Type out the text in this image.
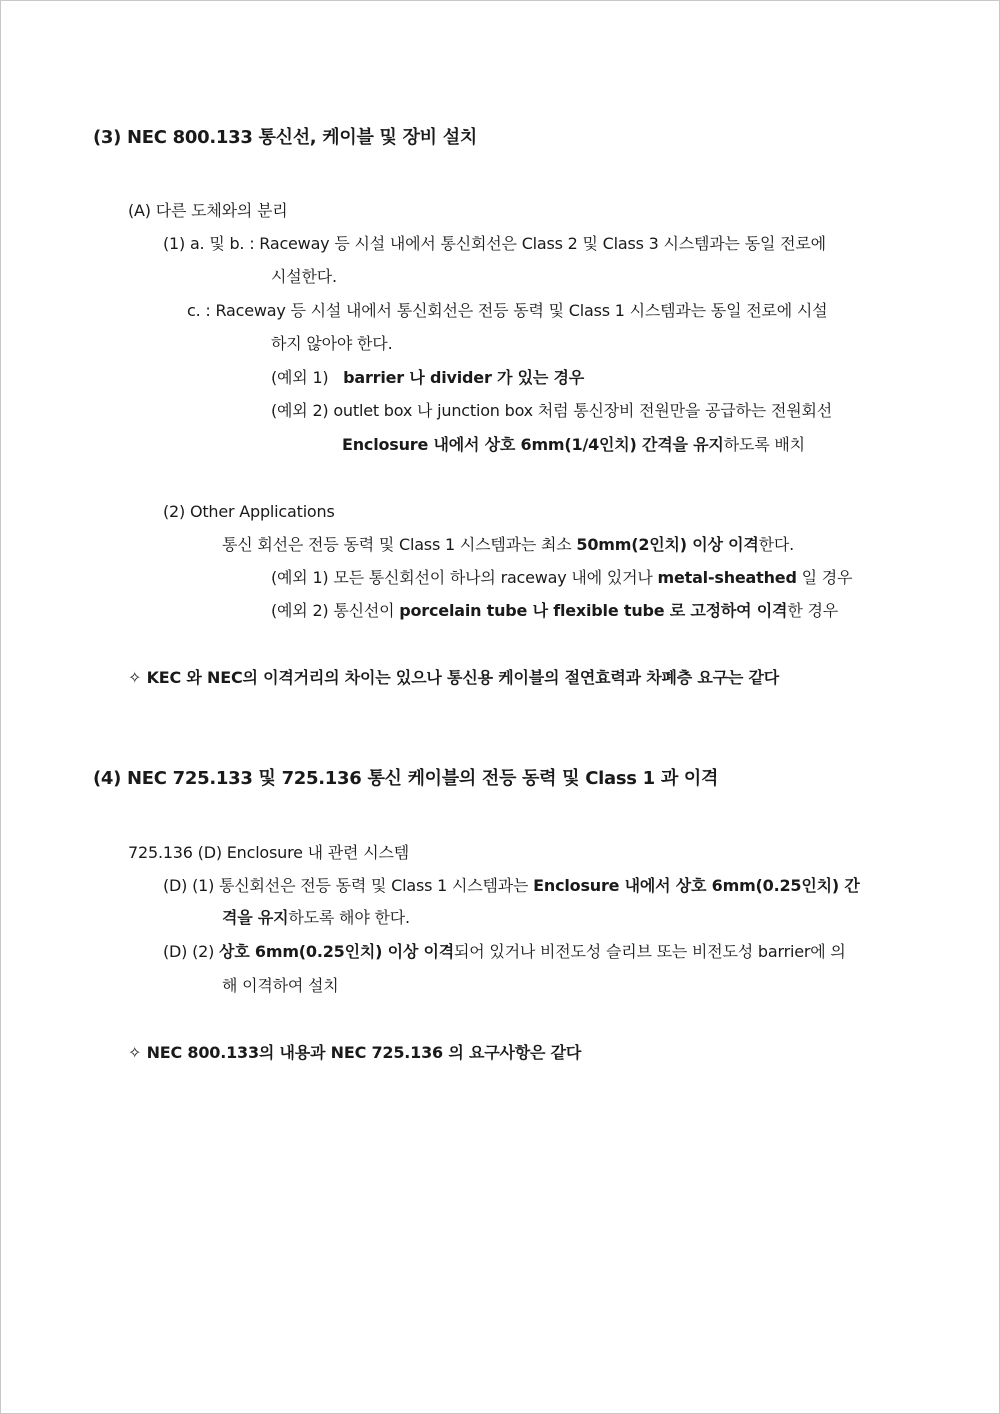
(3) NEC 800.133 통신선, 케이블 및 장비 설치
(A) 다른 도체와의 분리
(1) a. 및 b. : Raceway 등 시설 내에서 통신회선은 Class 2 및 Class 3 시스템과는 동일 전로에
시설한다.
c. : Raceway 등 시설 내에서 통신회선은 전등 동력 및 Class 1 시스템과는 동일 전로에 시설
하지 않아야 한다.
(예외 1) barrier 나 divider 가 있는 경우
(예외 2) outlet box 나 junction box 처럼 통신장비 전원만을 공급하는 전원회선
Enclosure 내에서 상호 6mm(1/4인치) 간격을 유지하도록 배치
(2) Other Applications
통신 회선은 전등 동력 및 Class 1 시스템과는 최소 50mm(2인치) 이상 이격한다.
(예외 1) 모든 통신회선이 하나의 raceway 내에 있거나 metal-sheathed 일 경우
(예외 2) 통신선이 porcelain tube 나 flexible tube 로 고정하여 이격한 경우
✧ KEC 와 NEC의 이격거리의 차이는 있으나 통신용 케이블의 절연효력과 차폐층 요구는 같다
(4) NEC 725.133 및 725.136 통신 케이블의 전등 동력 및 Class 1 과 이격
725.136 (D) Enclosure 내 관련 시스템
(D) (1) 통신회선은 전등 동력 및 Class 1 시스템과는 Enclosure 내에서 상호 6mm(0.25인치) 간
격을 유지하도록 해야 한다.
(D) (2) 상호 6mm(0.25인치) 이상 이격되어 있거나 비전도성 슬리브 또는 비전도성 barrier에 의
해 이격하여 설치
✧ NEC 800.133의 내용과 NEC 725.136 의 요구사항은 같다
